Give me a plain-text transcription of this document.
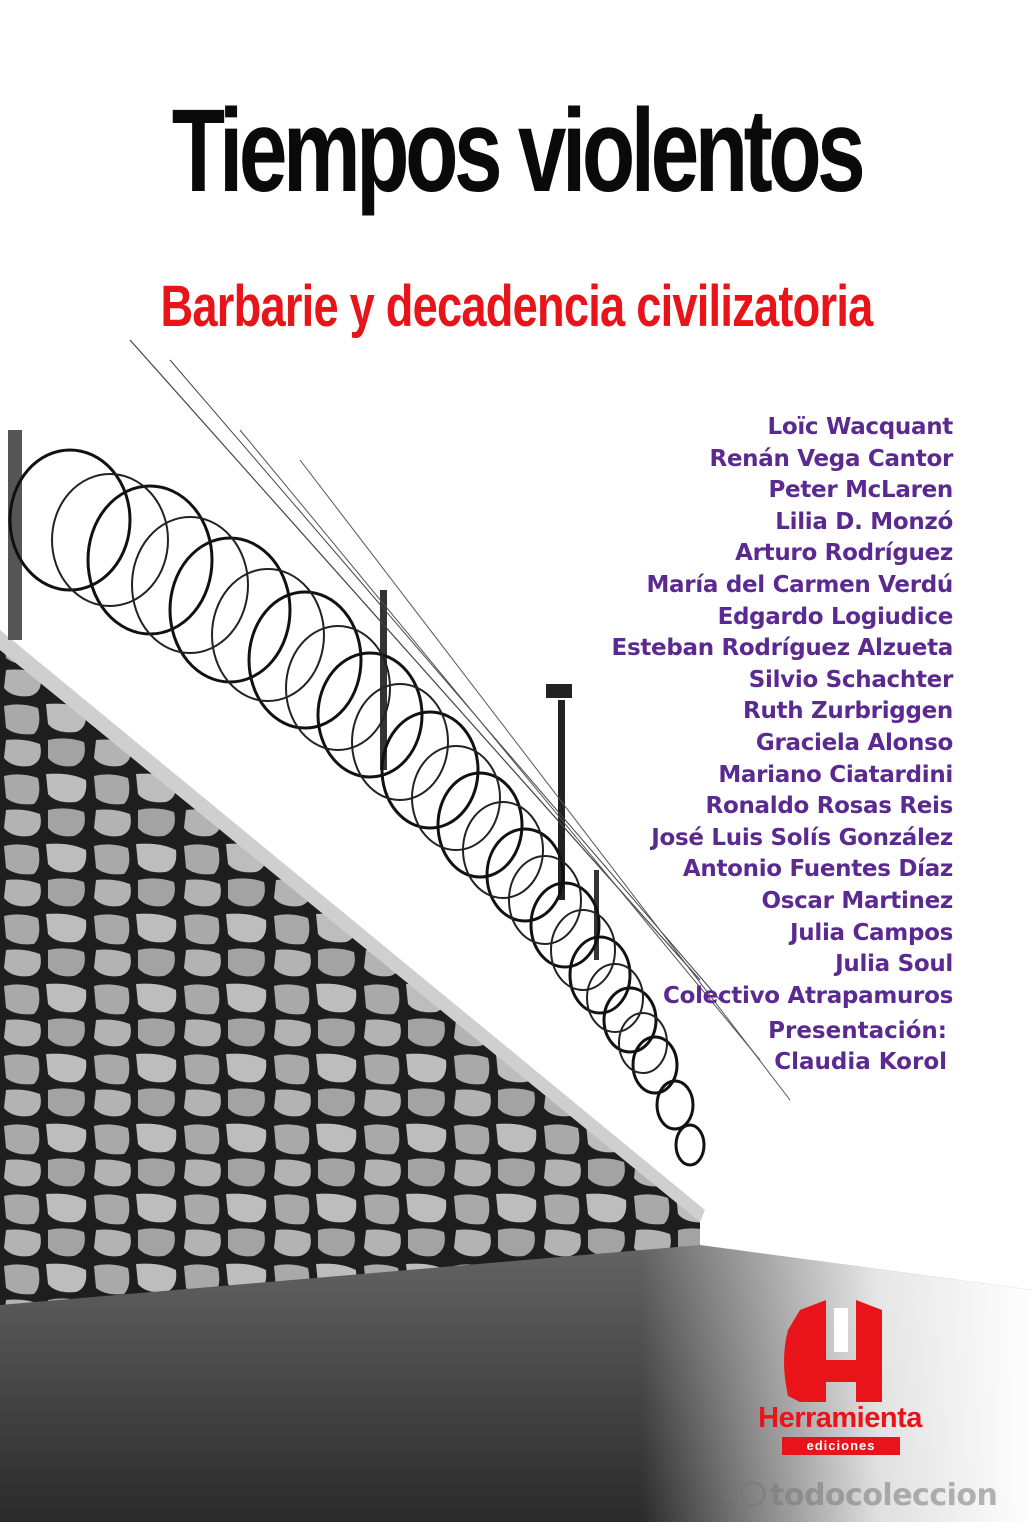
Tiempos violentos
Barbarie y decadencia civilizatoria
Loïc Wacquant
Renán Vega Cantor
Peter McLaren
Lilia D. Monzó
Arturo Rodríguez
María del Carmen Verdú
Edgardo Logiudice
Esteban Rodríguez Alzueta
Silvio Schachter
Ruth Zurbriggen
Graciela Alonso
Mariano Ciatardini
Ronaldo Rosas Reis
José Luis Solís González
Antonio Fuentes Díaz
Oscar Martinez
Julia Campos
Julia Soul
Colectivo Atrapamuros
Presentación:
Claudia Korol
Herramienta
ediciones
todocoleccion
